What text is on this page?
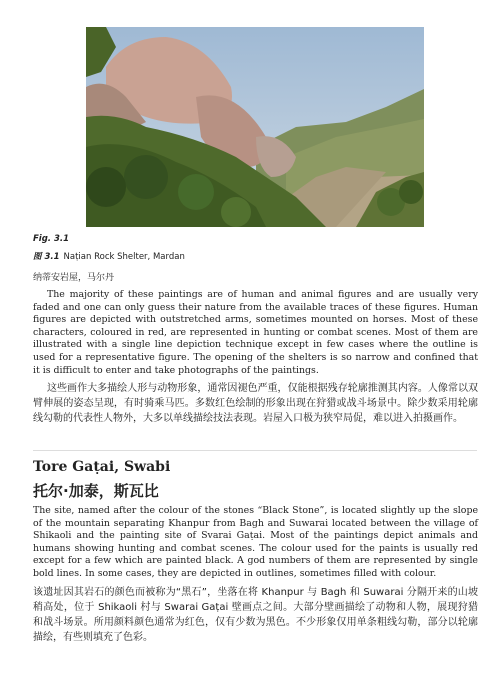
Fig. 3.1
图 3.1 Naṭian Rock Shelter, Mardan
纳蒂安岩屋，马尔丹

The majority of these paintings are of human and animal figures and are usually very faded and one can only guess their nature from the available traces of these figures. Human figures are depicted with outstretched arms, sometimes mounted on horses. Most of these characters, coloured in red, are represented in hunting or combat scenes. Most of them are illustrated with a single line depiction technique except in few cases where the outline is used for a representative figure. The opening of the shelters is so narrow and confined that it is difficult to enter and take photographs of the paintings.

这些画作大多描绘人形与动物形象，通常因褪色严重，仅能根据残存轮廓推测其内容。人像常以双臂伸展的姿态呈现，有时骑乘马匹。多数红色绘制的形象出现在狩猎或战斗场景中。除少数采用轮廓线勾勒的代表性人物外，大多以单线描绘技法表现。岩屋入口极为狭窄局促，难以进入拍摄画作。

Tore Gaṭai, Swabi
托尔·加泰，斯瓦比

The site, named after the colour of the stones “Black Stone”, is located slightly up the slope of the mountain separating Khanpur from Bagh and Suwarai located between the village of Shikaoli and the painting site of Svarai Gaṭai. Most of the paintings depict animals and humans showing hunting and combat scenes. The colour used for the paints is usually red except for a few which are painted black. A god numbers of them are represented by single bold lines. In some cases, they are depicted in outlines, sometimes filled with colour.

该遗址因其岩石的颜色而被称为“黑石”，坐落在将 Khanpur 与 Bagh 和 Suwarai 分隔开来的山坡稍高处，位于 Shikaoli 村与 Swarai Gaṭai 壁画点之间。大部分壁画描绘了动物和人物，展现狩猎和战斗场景。所用颜料颜色通常为红色，仅有少数为黑色。不少形象仅用单条粗线勾勒，部分以轮廓描绘，有些则填充了色彩。
